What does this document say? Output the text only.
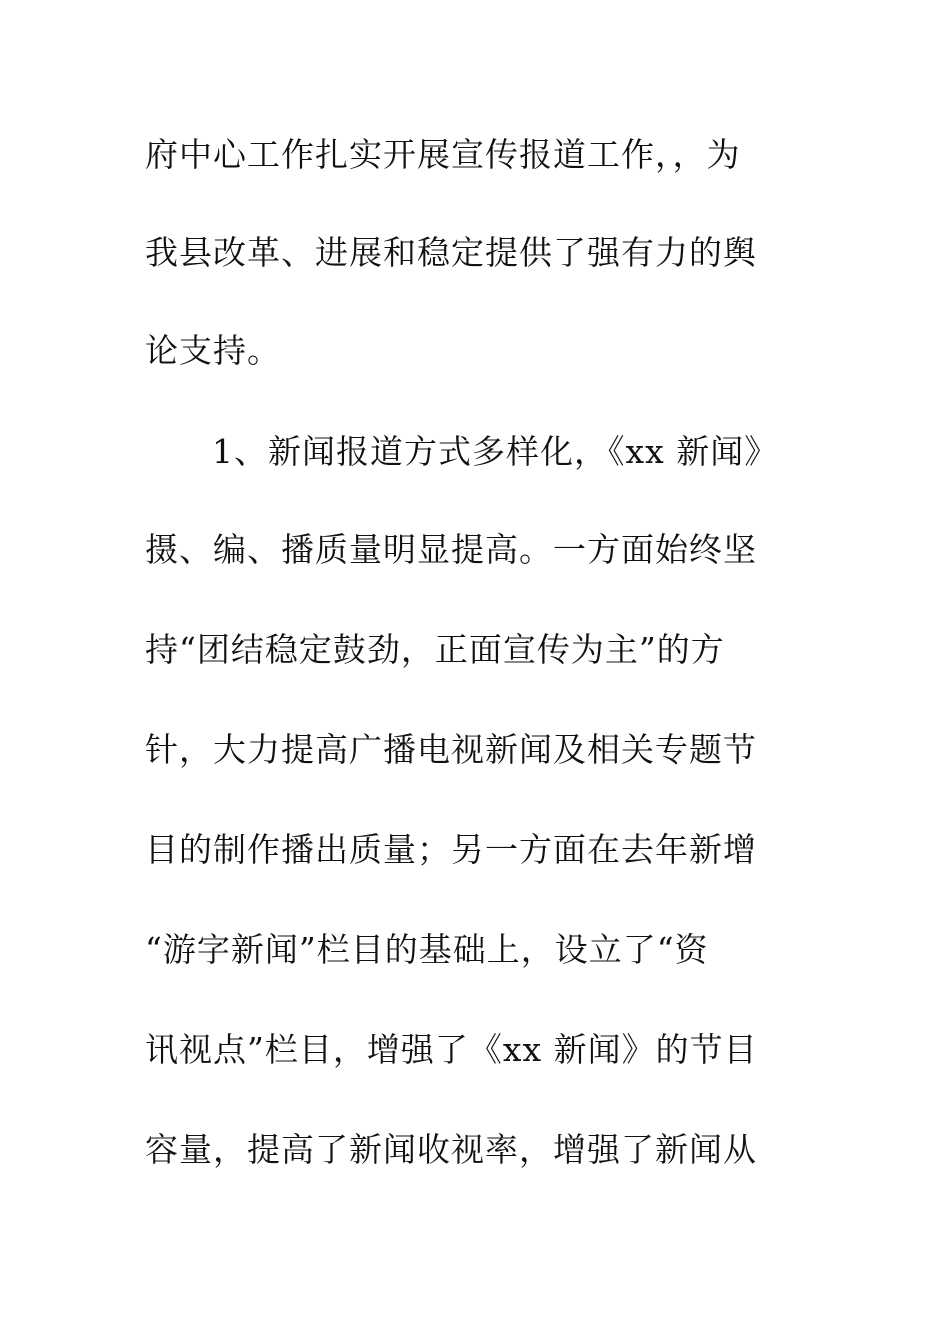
府中心工作扎实开展宣传报道工作，，为
我县改革、进展和稳定提供了强有力的舆
论支持。
1、新闻报道方式多样化，《xx 新闻》
摄、编、播质量明显提高。一方面始终坚
持“团结稳定鼓劲，正面宣传为主”的方
针，大力提高广播电视新闻及相关专题节
目的制作播出质量；另一方面在去年新增
“游字新闻”栏目的基础上，设立了“资
讯视点”栏目，增强了《xx 新闻》的节目
容量，提高了新闻收视率，增强了新闻从
